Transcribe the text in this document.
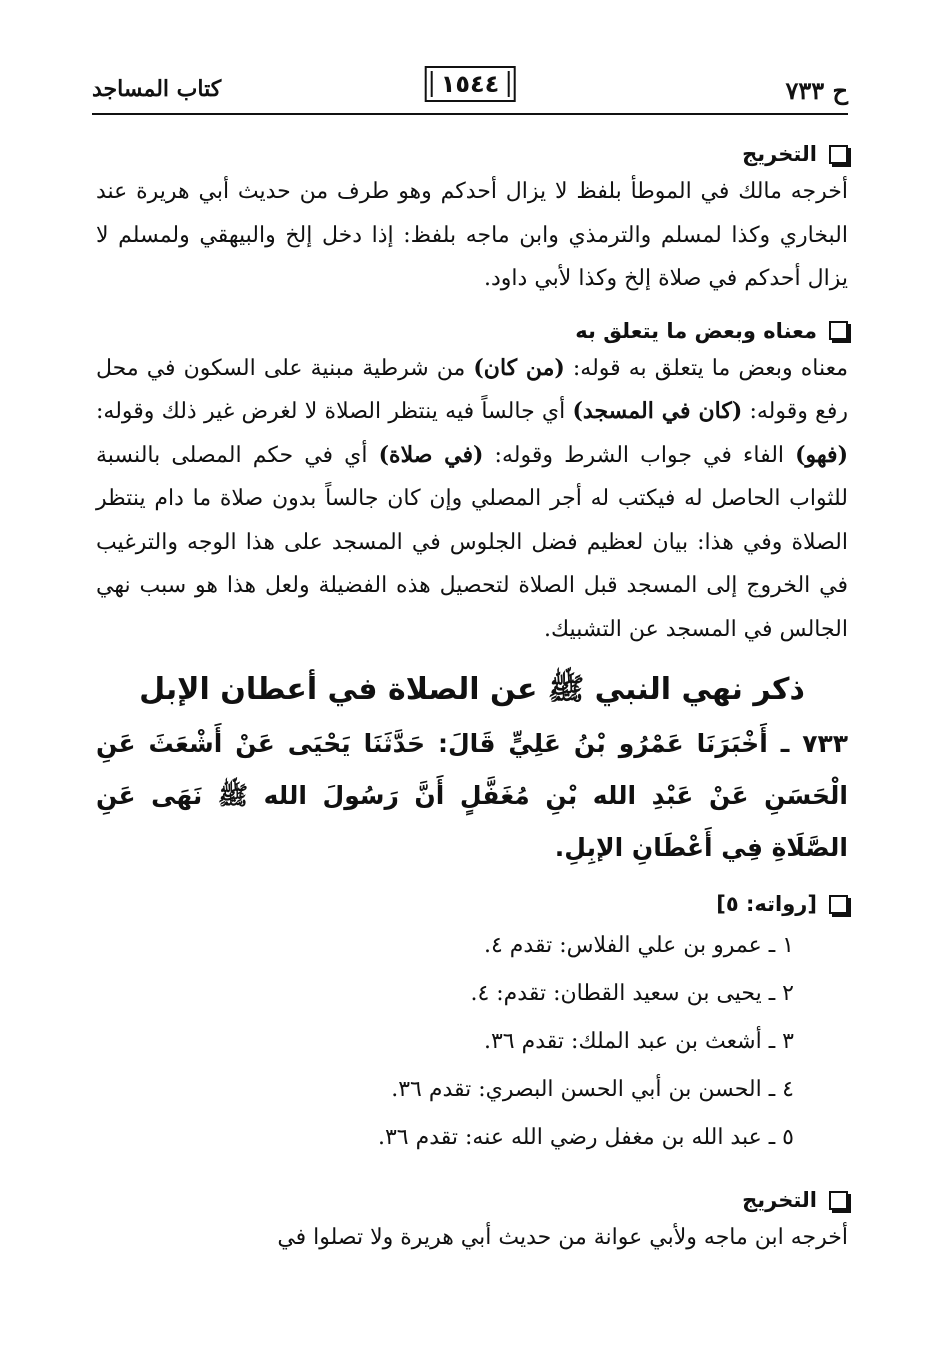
ح ٧٣٣
١٥٤٤
كتاب المساجد
التخريج

أخرجه مالك في الموطأ بلفظ لا يزال أحدكم وهو طرف من حديث أبي هريرة عند البخاري وكذا لمسلم والترمذي وابن ماجه بلفظ: إذا دخل إلخ والبيهقي ولمسلم لا يزال أحدكم في صلاة إلخ وكذا لأبي داود.

معناه وبعض ما يتعلق به

معناه وبعض ما يتعلق به قوله: (من كان) من شرطية مبنية على السكون في محل رفع وقوله: (كان في المسجد) أي جالساً فيه ينتظر الصلاة لا لغرض غير ذلك وقوله: (فهو) الفاء في جواب الشرط وقوله: (في صلاة) أي في حكم المصلى بالنسبة للثواب الحاصل له فيكتب له أجر المصلي وإن كان جالساً بدون صلاة ما دام ينتظر الصلاة وفي هذا: بيان لعظيم فضل الجلوس في المسجد على هذا الوجه والترغيب في الخروج إلى المسجد قبل الصلاة لتحصيل هذه الفضيلة ولعل هذا هو سبب نهي الجالس في المسجد عن التشبيك.

ذكر نهي النبي ﷺ عن الصلاة في أعطان الإبل

٧٣٣ ـ أَخْبَرَنَا عَمْرُو بْنُ عَلِيٍّ قَالَ: حَدَّثَنَا يَحْيَى عَنْ أَشْعَثَ عَنِ الْحَسَنِ عَنْ عَبْدِ الله بْنِ مُغَفَّلٍ أَنَّ رَسُولَ الله ﷺ نَهَى عَنِ الصَّلَاةِ فِي أَعْطَانِ الإبِلِ.

[رواته: ٥]
١ ـ عمرو بن علي الفلاس: تقدم ٤.
٢ ـ يحيى بن سعيد القطان: تقدم: ٤.
٣ ـ أشعث بن عبد الملك: تقدم ٣٦.
٤ ـ الحسن بن أبي الحسن البصري: تقدم ٣٦.
٥ ـ عبد الله بن مغفل رضي الله عنه: تقدم ٣٦.
التخريج

أخرجه ابن ماجه ولأبي عوانة من حديث أبي هريرة ولا تصلوا في
